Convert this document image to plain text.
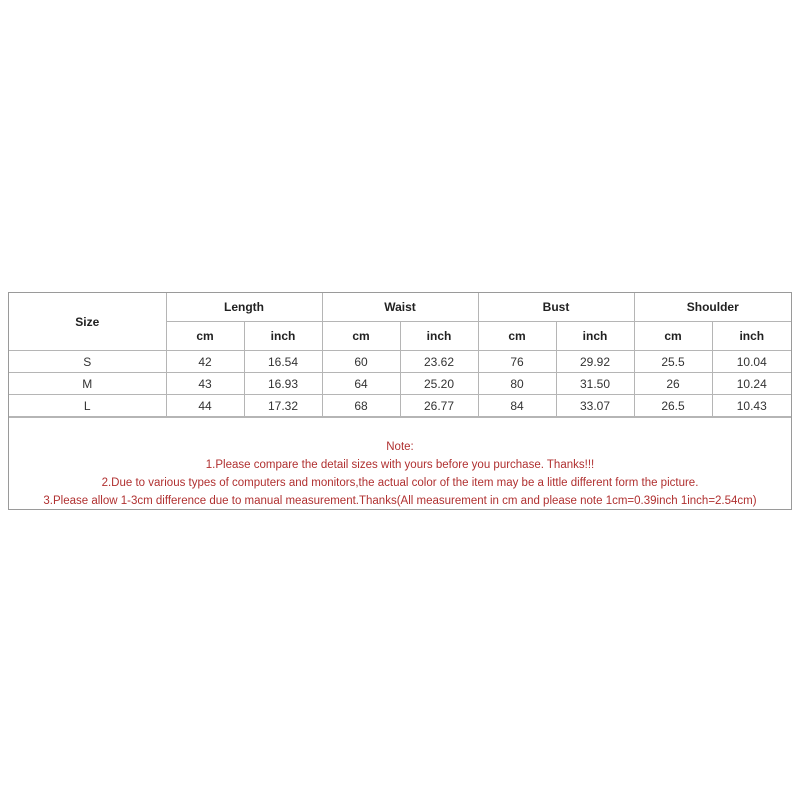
Size	Length		Waist		Bust		Shoulder	
	cm	inch	cm	inch	cm	inch	cm	inch
S	42	16.54	60	23.62	76	29.92	25.5	10.04
M	43	16.93	64	25.20	80	31.50	26	10.24
L	44	17.32	68	26.77	84	33.07	26.5	10.43
Note:
1.Please compare the detail sizes with yours before you purchase. Thanks!!!
2.Due to various types of computers and monitors,the actual color of the item may be a little different form the picture.
3.Please allow 1-3cm difference due to manual measurement.Thanks(All measurement in cm and please note 1cm=0.39inch 1inch=2.54cm)
